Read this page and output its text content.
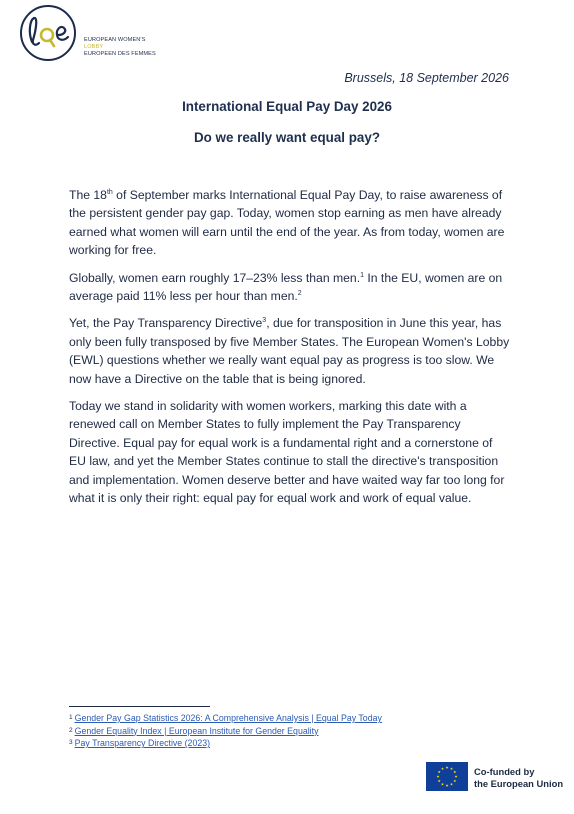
EUROPEAN WOMEN'S
LOBBY
EUROPEEN DES FEMMES
Brussels, 18 September 2026
International Equal Pay Day 2026
Do we really want equal pay?

The 18th of September marks International Equal Pay Day, to raise awareness of the persistent gender pay gap. Today, women stop earning as men have already earned what women will earn until the end of the year. As from today, women are working for free.

Globally, women earn roughly 17–23% less than men.$^1$ In the EU, women are on average paid 11% less per hour than men.$^2$

Yet, the Pay Transparency Directive$^3$, due for transposition in June this year, has only been fully transposed by five Member States. The European Women's Lobby (EWL) questions whether we really want equal pay as progress is too slow. We now have a Directive on the table that is being ignored.

Today we stand in solidarity with women workers, marking this date with a renewed call on Member States to fully implement the Pay Transparency Directive. Equal pay for equal work is a fundamental right and a cornerstone of EU law, and yet the Member States continue to stall the directive's transposition and implementation. Women deserve better and have waited way far too long for what it is only their right: equal pay for equal work and work of equal value.

$^1$ Gender Pay Gap Statistics 2026: A Comprehensive Analysis | Equal Pay Today
$^2$ Gender Equality Index | European Institute for Gender Equality
$^3$ Pay Transparency Directive (2023)
Co-funded by
the European Union
